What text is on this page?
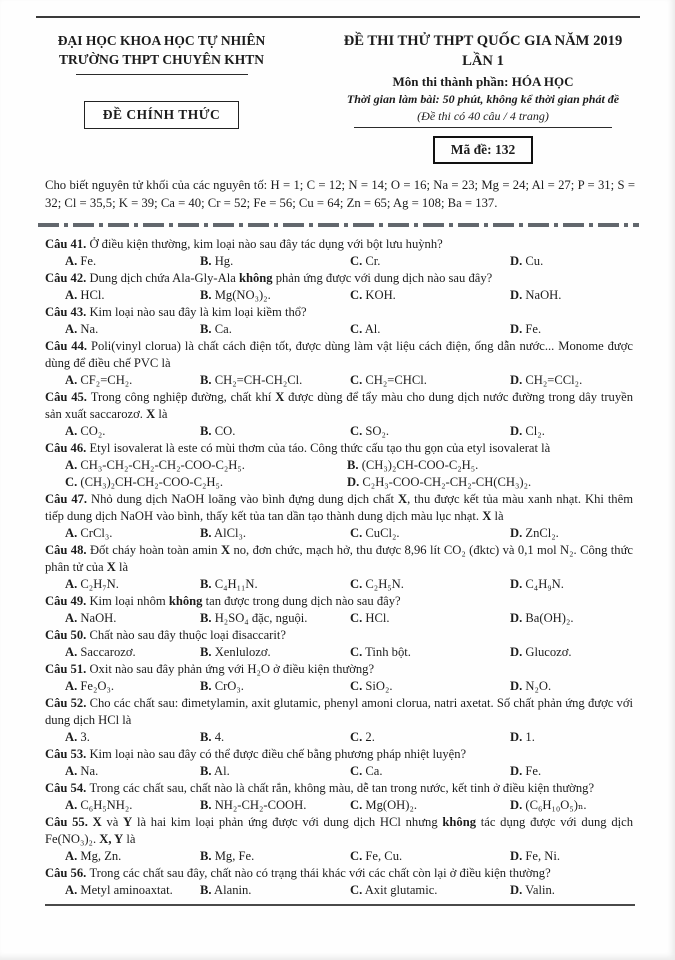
ĐẠI HỌC KHOA HỌC TỰ NHIÊN
TRƯỜNG THPT CHUYÊN KHTN
ĐỀ CHÍNH THỨC
ĐỀ THI THỬ THPT QUỐC GIA NĂM 2019
LẦN 1
Môn thi thành phần: HÓA HỌC
Thời gian làm bài: 50 phút, không kể thời gian phát đề
(Đề thi có 40 câu / 4 trang)
Mã đề: 132
Cho biết nguyên tử khối của các nguyên tố: H = 1; C = 12; N = 14; O = 16; Na = 23; Mg = 24; Al = 27; P = 31; S = 32; Cl = 35,5; K = 39; Ca = 40; Cr = 52; Fe = 56; Cu = 64; Zn = 65; Ag = 108; Ba = 137.
Câu 41. Ở điều kiện thường, kim loại nào sau đây tác dụng với bột lưu huỳnh?
A. Fe.	B. Hg.	C. Cr.	D. Cu.
Câu 42. Dung dịch chứa Ala-Gly-Ala không phản ứng được với dung dịch nào sau đây?
A. HCl.	B. Mg(NO₃)₂.	C. KOH.	D. NaOH.
Câu 43. Kim loại nào sau đây là kim loại kiềm thổ?
A. Na.	B. Ca.	C. Al.	D. Fe.
Câu 44. Poli(vinyl clorua) là chất cách điện tốt, được dùng làm vật liệu cách điện, ống dẫn nước... Monome được dùng để điều chế PVC là
A. CF₂=CH₂.	B. CH₂=CH-CH₂Cl.	C. CH₂=CHCl.	D. CH₂=CCl₂.
Câu 45. Trong công nghiệp đường, chất khí X được dùng để tẩy màu cho dung dịch nước đường trong dây truyền sản xuất saccarozơ. X là
A. CO₂.	B. CO.	C. SO₂.	D. Cl₂.
Câu 46. Etyl isovalerat là este có mùi thơm của táo. Công thức cấu tạo thu gọn của etyl isovalerat là
A. CH₃-CH₂-CH₂-CH₂-COO-C₂H₅.	B. (CH₃)₂CH-COO-C₂H₅.
C. (CH₃)₂CH-CH₂-COO-C₂H₅.	D. C₂H₃-COO-CH₂-CH₂-CH(CH₃)₂.
Câu 47. Nhỏ dung dịch NaOH loãng vào bình đựng dung dịch chất X, thu được kết tủa màu xanh nhạt. Khi thêm tiếp dung dịch NaOH vào bình, thấy kết tủa tan dần tạo thành dung dịch màu lục nhạt. X là
A. CrCl₃.	B. AlCl₃.	C. CuCl₂.	D. ZnCl₂.
Câu 48. Đốt cháy hoàn toàn amin X no, đơn chức, mạch hở, thu được 8,96 lít CO₂ (đktc) và 0,1 mol N₂. Công thức phân tử của X là
A. C₂H₇N.	B. C₄H₁₁N.	C. C₂H₅N.	D. C₄H₉N.
Câu 49. Kim loại nhôm không tan được trong dung dịch nào sau đây?
A. NaOH.	B. H₂SO₄ đặc, nguội.	C. HCl.	D. Ba(OH)₂.
Câu 50. Chất nào sau đây thuộc loại đisaccarit?
A. Saccarozơ.	B. Xenlulozơ.	C. Tinh bột.	D. Glucozơ.
Câu 51. Oxit nào sau đây phản ứng với H₂O ở điều kiện thường?
A. Fe₂O₃.	B. CrO₃.	C. SiO₂.	D. N₂O.
Câu 52. Cho các chất sau: đimetylamin, axit glutamic, phenyl amoni clorua, natri axetat. Số chất phản ứng được với dung dịch HCl là
A. 3.	B. 4.	C. 2.	D. 1.
Câu 53. Kim loại nào sau đây có thể được điều chế bằng phương pháp nhiệt luyện?
A. Na.	B. Al.	C. Ca.	D. Fe.
Câu 54. Trong các chất sau, chất nào là chất rắn, không màu, dễ tan trong nước, kết tinh ở điều kiện thường?
A. C₆H₅NH₂.	B. NH₂-CH₂-COOH.	C. Mg(OH)₂.	D. (C₆H₁₀O₅)ₙ.
Câu 55. X và Y là hai kim loại phản ứng được với dung dịch HCl nhưng không tác dụng được với dung dịch Fe(NO₃)₂. X, Y là
A. Mg, Zn.	B. Mg, Fe.	C. Fe, Cu.	D. Fe, Ni.
Câu 56. Trong các chất sau đây, chất nào có trạng thái khác với các chất còn lại ở điều kiện thường?
A. Metyl aminoaxtat.	B. Alanin.	C. Axit glutamic.	D. Valin.
